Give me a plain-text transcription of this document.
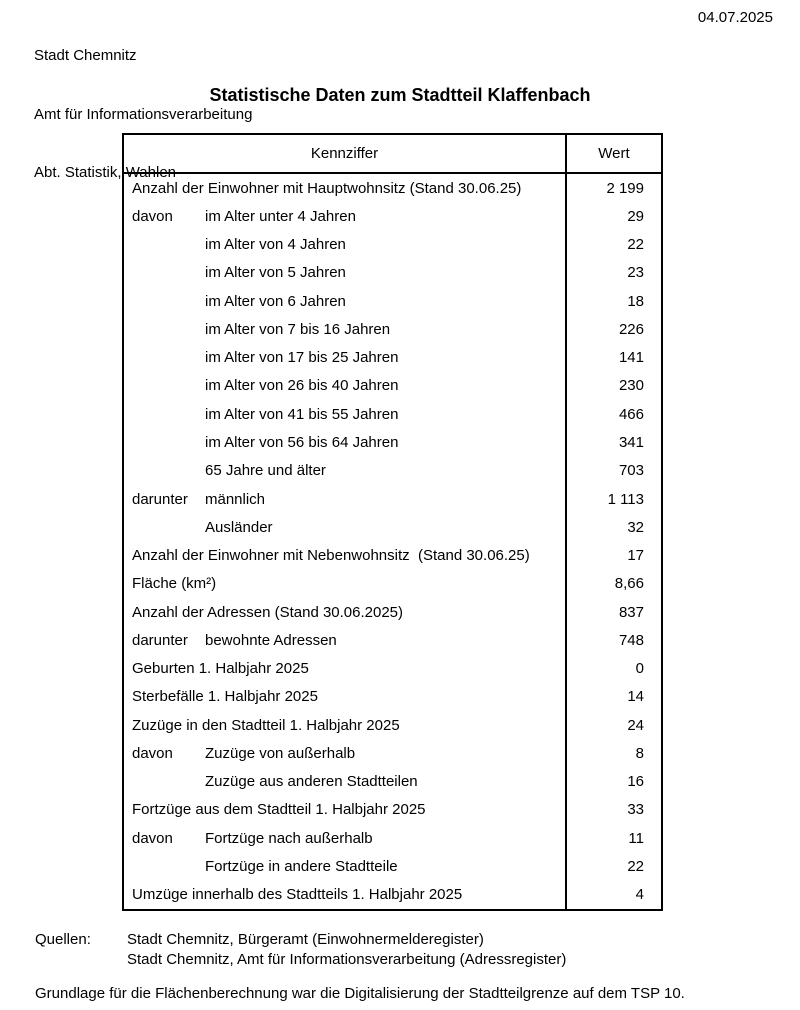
Stadt Chemnitz

Amt für Informationsverarbeitung

Abt. Statistik, Wahlen

04.07.2025
Statistische Daten zum Stadtteil Klaffenbach
Kennziffer	Wert
Anzahl der Einwohner mit Hauptwohnsitz (Stand 30.06.25)	2 199
davon	im Alter unter 4 Jahren	29
im Alter von 4 Jahren	22
im Alter von 5 Jahren	23
im Alter von 6 Jahren	18
im Alter von 7 bis 16 Jahren	226
im Alter von 17 bis 25 Jahren	141
im Alter von 26 bis 40 Jahren	230
im Alter von 41 bis 55 Jahren	466
im Alter von 56 bis 64 Jahren	341
65 Jahre und älter	703
darunter	männlich	1 113
Ausländer	32
Anzahl der Einwohner mit Nebenwohnsitz  (Stand 30.06.25)	17
Fläche (km²)	8,66
Anzahl der Adressen (Stand 30.06.2025)	837
darunter	bewohnte Adressen	748
Geburten 1. Halbjahr 2025	0
Sterbefälle 1. Halbjahr 2025	14
Zuzüge in den Stadtteil 1. Halbjahr 2025	24
davon	Zuzüge von außerhalb	8
Zuzüge aus anderen Stadtteilen	16
Fortzüge aus dem Stadtteil 1. Halbjahr 2025	33
davon	Fortzüge nach außerhalb	11
Fortzüge in andere Stadtteile	22
Umzüge innerhalb des Stadtteils 1. Halbjahr 2025	4
Quellen:	Stadt Chemnitz, Bürgeramt (Einwohnermelderegister)
Stadt Chemnitz, Amt für Informationsverarbeitung (Adressregister)
Grundlage für die Flächenberechnung war die Digitalisierung der Stadtteilgrenze auf dem TSP 10.
